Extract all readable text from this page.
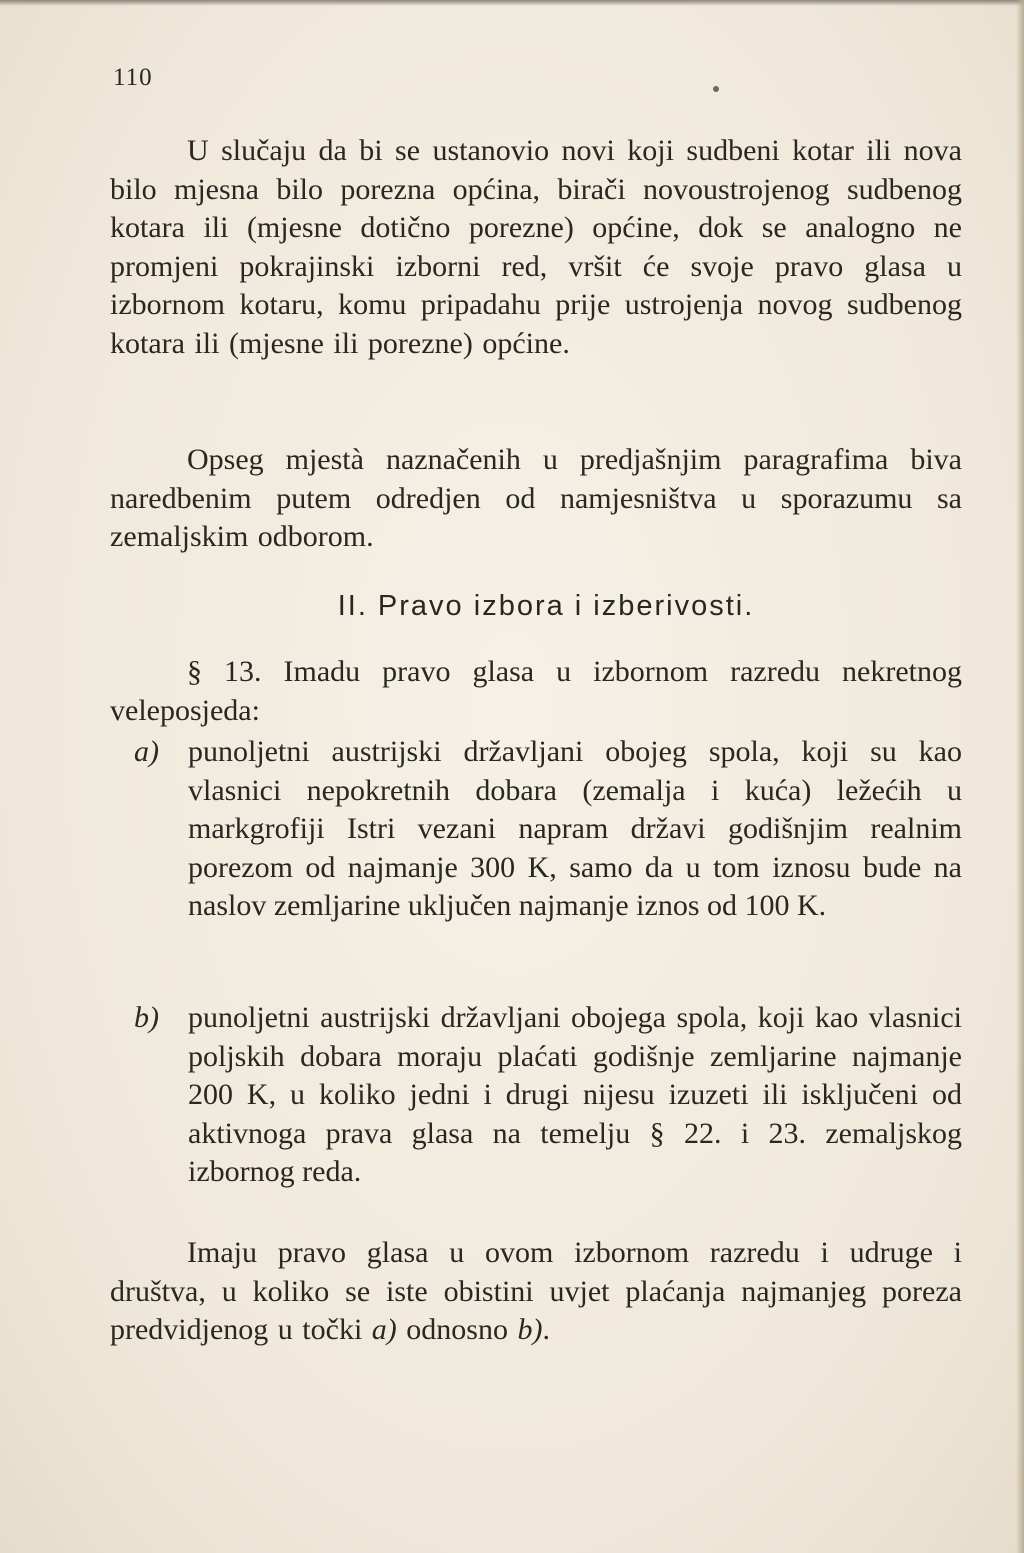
110

U slučaju da bi se ustanovio novi koji sudbeni kotar ili nova bilo mjesna bilo porezna općina, birači novoustrojenog sudbenog kotara ili (mjesne dotično porezne) općine, dok se analogno ne promjeni pokrajinski izborni red, vršit će svoje pravo glasa u izbornom kotaru, komu pripadahu prije ustrojenja novog sudbenog kotara ili (mjesne ili porezne) općine.

Opseg mjestà naznačenih u predjašnjim paragrafima biva naredbenim putem odredjen od namjesništva u sporazumu sa zemaljskim odborom.

II. Pravo izbora i izberivosti.

§ 13. Imadu pravo glasa u izbornom razredu nekretnog veleposjeda:

a) punoljetni austrijski državljani obojeg spola, koji su kao vlasnici nepokretnih dobara (zemalja i kuća) ležećih u markgrofiji Istri vezani napram državi godišnjim realnim porezom od najmanje 300 K, samo da u tom iznosu bude na naslov zemljarine uključen najmanje iznos od 100 K.
b) punoljetni austrijski državljani obojega spola, koji kao vlasnici poljskih dobara moraju plaćati godišnje zemljarine najmanje 200 K, u koliko jedni i drugi nijesu izuzeti ili isključeni od aktivnoga prava glasa na temelju § 22. i 23. zemaljskog izbornog reda.

Imaju pravo glasa u ovom izbornom razredu i udruge i društva, u koliko se iste obistini uvjet plaćanja najmanjeg poreza predvidjenog u točki a) odnosno b).
